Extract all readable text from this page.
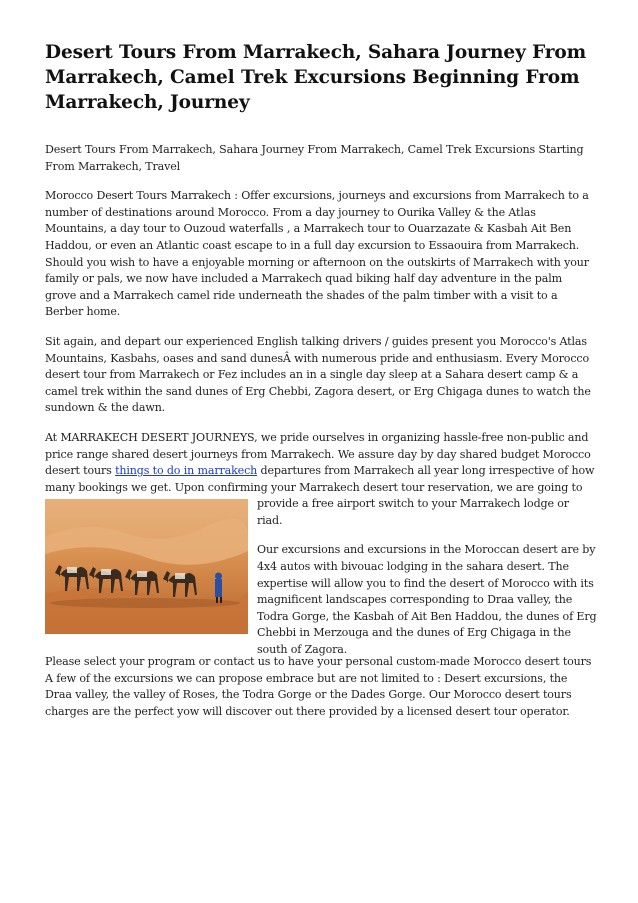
Desert Tours From Marrakech, Sahara Journey From Marrakech, Camel Trek Excursions Beginning From Marrakech, Journey

Desert Tours From Marrakech, Sahara Journey From Marrakech, Camel Trek Excursions Starting From Marrakech, Travel

Morocco Desert Tours Marrakech : Offer excursions, journeys and excursions from Marrakech to a number of destinations around Morocco. From a day journey to Ourika Valley & the Atlas Mountains, a day tour to Ouzoud waterfalls , a Marrakech tour to Ouarzazate & Kasbah Ait Ben Haddou, or even an Atlantic coast escape to in a full day excursion to Essaouira from Marrakech. Should you wish to have a enjoyable morning or afternoon on the outskirts of Marrakech with your family or pals, we now have included a Marrakech quad biking half day adventure in the palm grove and a Marrakech camel ride underneath the shades of the palm timber with a visit to a Berber home.

Sit again, and depart our experienced English talking drivers / guides present you Morocco's Atlas Mountains, Kasbahs, oases and sand dunesÂ with numerous pride and enthusiasm. Every Morocco desert tour from Marrakech or Fez includes an in a single day sleep at a Sahara desert camp & a camel trek within the sand dunes of Erg Chebbi, Zagora desert, or Erg Chigaga dunes to watch the sundown & the dawn.

At MARRAKECH DESERT JOURNEYS, we pride ourselves in organizing hassle-free non-public and price range shared desert journeys from Marrakech. We assure day by day shared budget Morocco desert tours things to do in marrakech departures from Marrakech all year long irrespective of how many bookings we get. Upon confirming your Marrakech desert tour reservation, we are going to

provide a free airport switch to your Marrakech lodge or riad.

Our excursions and excursions in the Moroccan desert are by 4x4 autos with bivouac lodging in the sahara desert. The expertise will allow you to find the desert of Morocco with its magnificent landscapes corresponding to Draa valley, the Todra Gorge, the Kasbah of Ait Ben Haddou, the dunes of Erg Chebbi in Merzouga and the dunes of Erg Chigaga in the south of Zagora.

Please select your program or contact us to have your personal custom-made Morocco desert tours A few of the excursions we can propose embrace but are not limited to : Desert excursions, the Draa valley, the valley of Roses, the Todra Gorge or the Dades Gorge. Our Morocco desert tours charges are the perfect yow will discover out there provided by a licensed desert tour operator.
